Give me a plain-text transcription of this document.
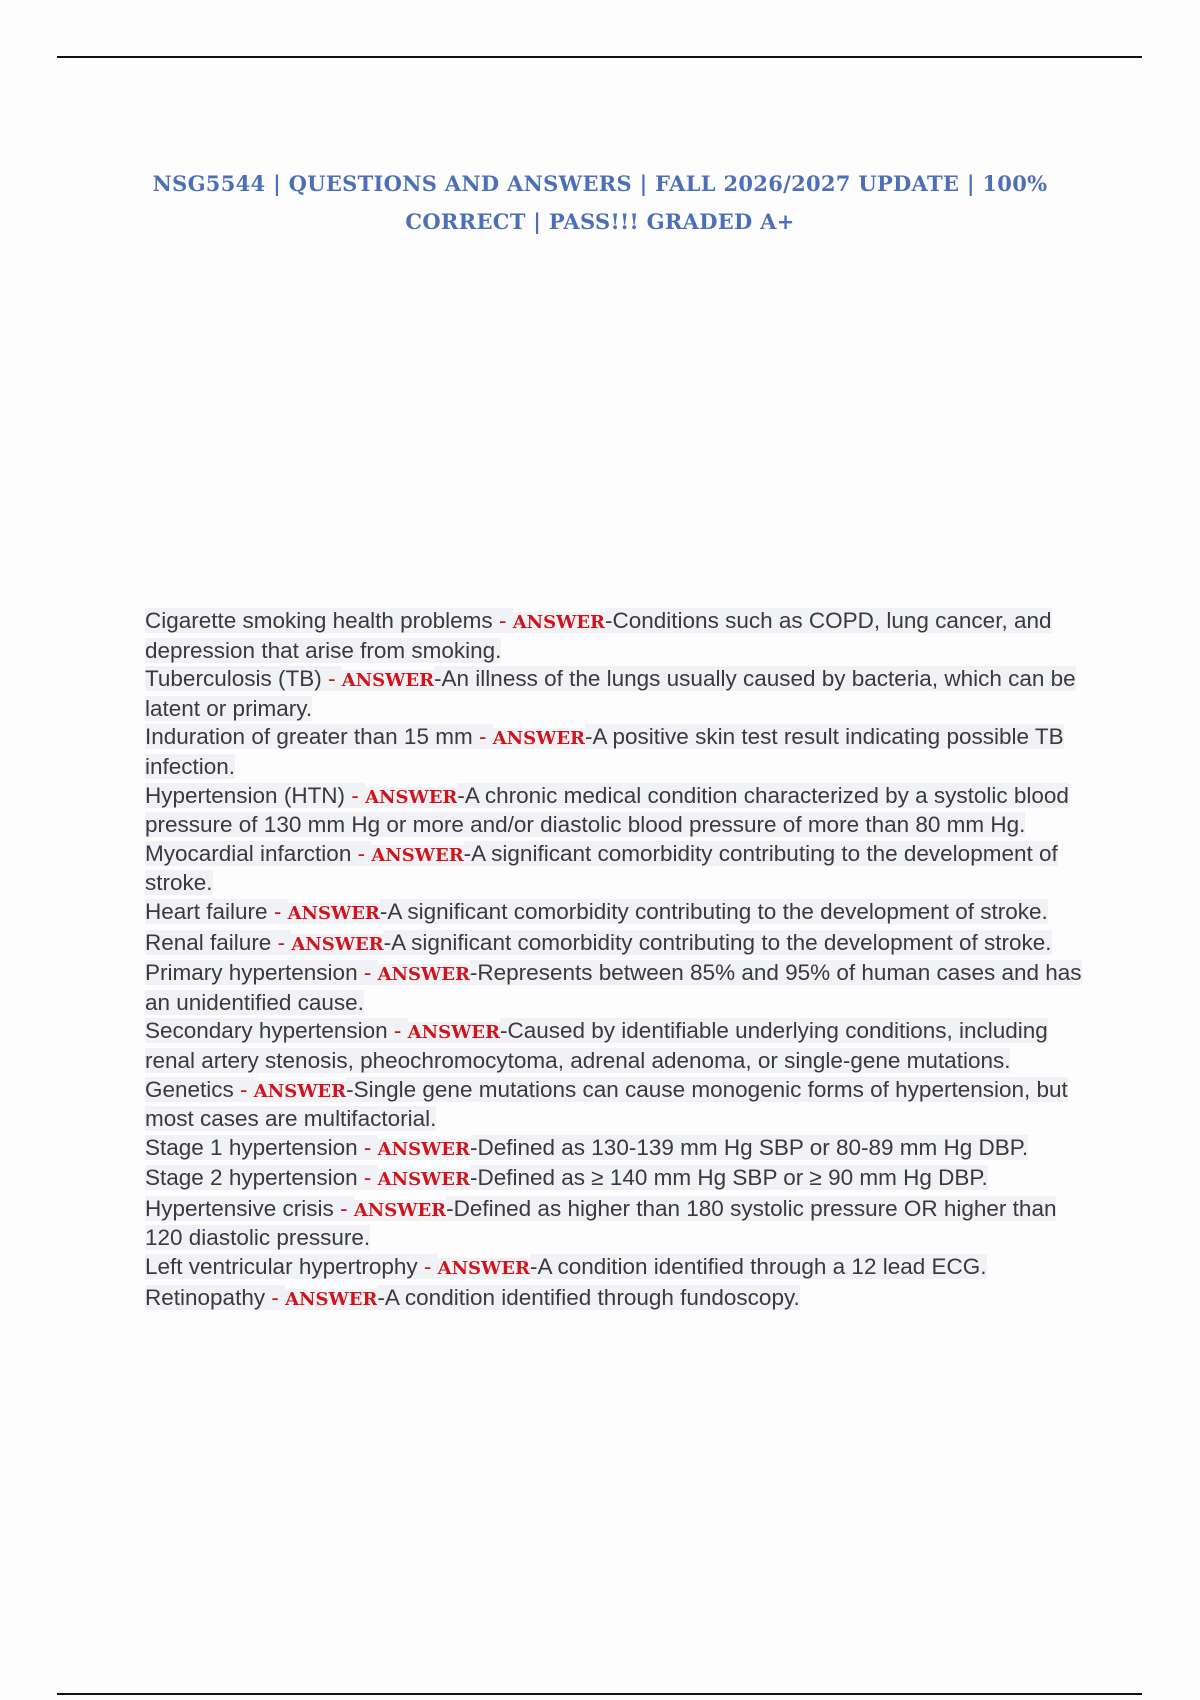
NSG5544 | QUESTIONS AND ANSWERS | FALL 2026/2027 UPDATE | 100% CORRECT | PASS!!! GRADED A+
Cigarette smoking health problems - ANSWER-Conditions such as COPD, lung cancer, and depression that arise from smoking.
Tuberculosis (TB) - ANSWER-An illness of the lungs usually caused by bacteria, which can be latent or primary.
Induration of greater than 15 mm - ANSWER-A positive skin test result indicating possible TB infection.
Hypertension (HTN) - ANSWER-A chronic medical condition characterized by a systolic blood pressure of 130 mm Hg or more and/or diastolic blood pressure of more than 80 mm Hg.
Myocardial infarction - ANSWER-A significant comorbidity contributing to the development of stroke.
Heart failure - ANSWER-A significant comorbidity contributing to the development of stroke.
Renal failure - ANSWER-A significant comorbidity contributing to the development of stroke.
Primary hypertension - ANSWER-Represents between 85% and 95% of human cases and has an unidentified cause.
Secondary hypertension - ANSWER-Caused by identifiable underlying conditions, including renal artery stenosis, pheochromocytoma, adrenal adenoma, or single-gene mutations.
Genetics - ANSWER-Single gene mutations can cause monogenic forms of hypertension, but most cases are multifactorial.
Stage 1 hypertension - ANSWER-Defined as 130-139 mm Hg SBP or 80-89 mm Hg DBP.
Stage 2 hypertension - ANSWER-Defined as ≥ 140 mm Hg SBP or ≥ 90 mm Hg DBP.
Hypertensive crisis - ANSWER-Defined as higher than 180 systolic pressure OR higher than 120 diastolic pressure.
Left ventricular hypertrophy - ANSWER-A condition identified through a 12 lead ECG.
Retinopathy - ANSWER-A condition identified through fundoscopy.
